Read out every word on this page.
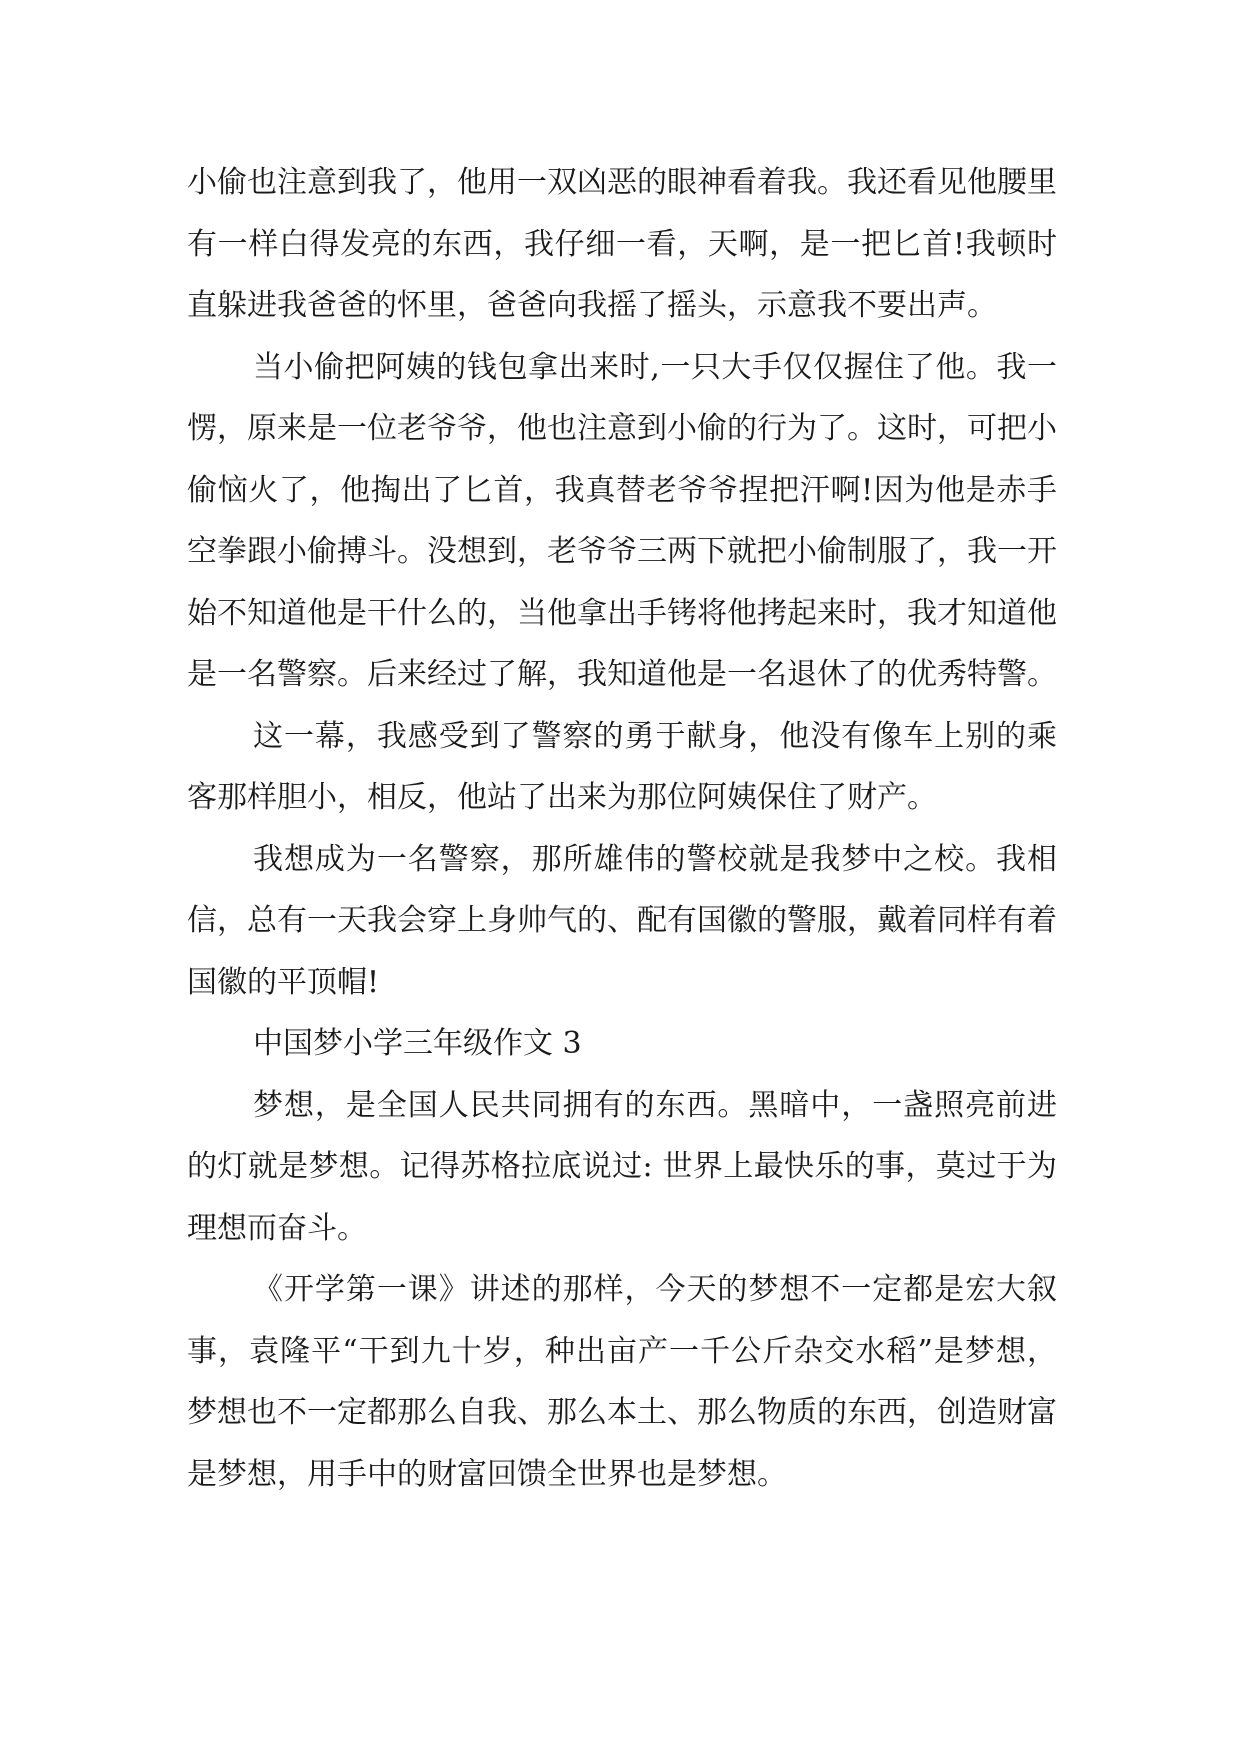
小偷也注意到我了，他用一双凶恶的眼神看着我。我还看见他腰里有一样白得发亮的东西，我仔细一看，天啊，是一把匕首!我顿时直躲进我爸爸的怀里，爸爸向我摇了摇头，示意我不要出声。

当小偷把阿姨的钱包拿出来时,一只大手仅仅握住了他。我一愣，原来是一位老爷爷，他也注意到小偷的行为了。这时，可把小偷恼火了，他掏出了匕首，我真替老爷爷捏把汗啊!因为他是赤手空拳跟小偷搏斗。没想到，老爷爷三两下就把小偷制服了，我一开始不知道他是干什么的，当他拿出手铐将他拷起来时，我才知道他是一名警察。后来经过了解，我知道他是一名退休了的优秀特警。

这一幕，我感受到了警察的勇于献身，他没有像车上别的乘客那样胆小，相反，他站了出来为那位阿姨保住了财产。

我想成为一名警察，那所雄伟的警校就是我梦中之校。我相信，总有一天我会穿上身帅气的、配有国徽的警服，戴着同样有着国徽的平顶帽!

中国梦小学三年级作文 3

梦想，是全国人民共同拥有的东西。黑暗中，一盏照亮前进的灯就是梦想。记得苏格拉底说过: 世界上最快乐的事，莫过于为理想而奋斗。

《开学第一课》讲述的那样，今天的梦想不一定都是宏大叙事，袁隆平“干到九十岁，种出亩产一千公斤杂交水稻”是梦想，梦想也不一定都那么自我、那么本土、那么物质的东西，创造财富是梦想，用手中的财富回馈全世界也是梦想。
